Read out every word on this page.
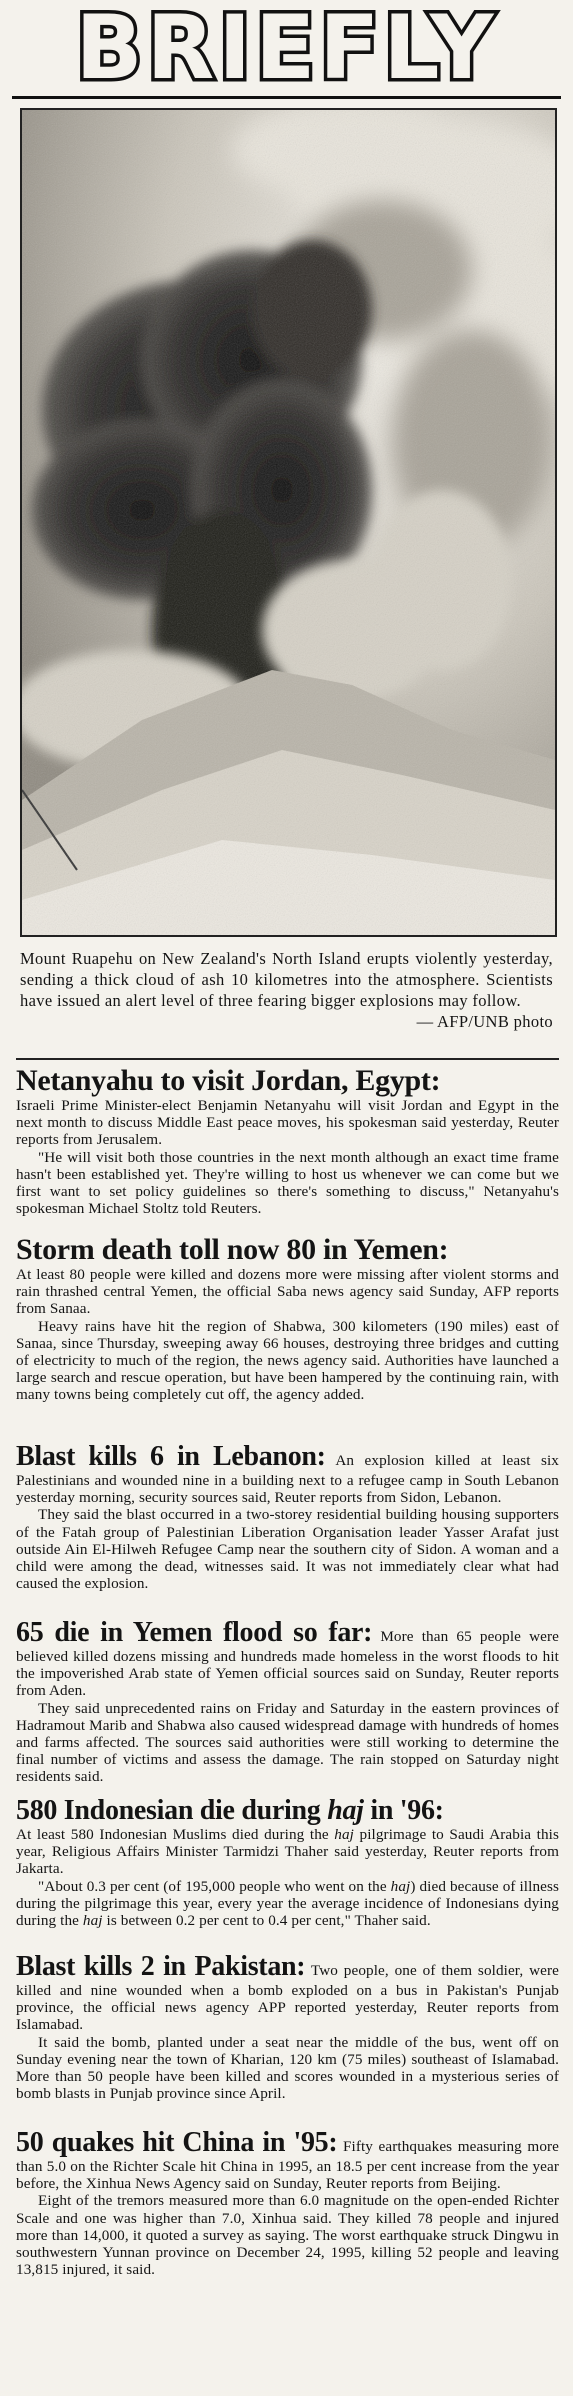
BRIEFLY
Mount Ruapehu on New Zealand's North Island erupts violently yesterday, sending a thick cloud of ash 10 kilometres into the atmosphere. Scientists have issued an alert level of three fearing bigger explosions may follow.
— AFP/UNB photo
Netanyahu to visit Jordan, Egypt:

Israeli Prime Minister-elect Benjamin Netanyahu will visit Jordan and Egypt in the next month to discuss Middle East peace moves, his spokesman said yesterday, Reuter reports from Jerusalem.

"He will visit both those countries in the next month although an exact time frame hasn't been established yet. They're willing to host us whenever we can come but we first want to set policy guidelines so there's something to discuss," Netanyahu's spokesman Michael Stoltz told Reuters.

Storm death toll now 80 in Yemen:

At least 80 people were killed and dozens more were missing after violent storms and rain thrashed central Yemen, the official Saba news agency said Sunday, AFP reports from Sanaa.

Heavy rains have hit the region of Shabwa, 300 kilometers (190 miles) east of Sanaa, since Thursday, sweeping away 66 houses, destroying three bridges and cutting of electricity to much of the region, the news agency said. Authorities have launched a large search and rescue operation, but have been hampered by the continuing rain, with many towns being completely cut off, the agency added.

Blast kills 6 in Lebanon: An explosion killed at least six Palestinians and wounded nine in a building next to a refugee camp in South Lebanon yesterday morning, security sources said, Reuter reports from Sidon, Lebanon.

They said the blast occurred in a two-storey residential building housing supporters of the Fatah group of Palestinian Liberation Organisation leader Yasser Arafat just outside Ain El-Hilweh Refugee Camp near the southern city of Sidon. A woman and a child were among the dead, witnesses said. It was not immediately clear what had caused the explosion.

65 die in Yemen flood so far: More than 65 people were believed killed dozens missing and hundreds made homeless in the worst floods to hit the impoverished Arab state of Yemen official sources said on Sunday, Reuter reports from Aden.

They said unprecedented rains on Friday and Saturday in the eastern provinces of Hadramout Marib and Shabwa also caused widespread damage with hundreds of homes and farms affected. The sources said authorities were still working to determine the final number of victims and assess the damage. The rain stopped on Saturday night residents said.

580 Indonesian die during haj in '96:

At least 580 Indonesian Muslims died during the haj pilgrimage to Saudi Arabia this year, Religious Affairs Minister Tarmidzi Thaher said yesterday, Reuter reports from Jakarta.

"About 0.3 per cent (of 195,000 people who went on the haj) died because of illness during the pilgrimage this year, every year the average incidence of Indonesians dying during the haj is between 0.2 per cent to 0.4 per cent," Thaher said.

Blast kills 2 in Pakistan: Two people, one of them soldier, were killed and nine wounded when a bomb exploded on a bus in Pakistan's Punjab province, the official news agency APP reported yesterday, Reuter reports from Islamabad.

It said the bomb, planted under a seat near the middle of the bus, went off on Sunday evening near the town of Kharian, 120 km (75 miles) southeast of Islamabad. More than 50 people have been killed and scores wounded in a mysterious series of bomb blasts in Punjab province since April.

50 quakes hit China in '95: Fifty earthquakes measuring more than 5.0 on the Richter Scale hit China in 1995, an 18.5 per cent increase from the year before, the Xinhua News Agency said on Sunday, Reuter reports from Beijing.

Eight of the tremors measured more than 6.0 magnitude on the open-ended Richter Scale and one was higher than 7.0, Xinhua said. They killed 78 people and injured more than 14,000, it quoted a survey as saying. The worst earthquake struck Dingwu in southwestern Yunnan province on December 24, 1995, killing 52 people and leaving 13,815 injured, it said.
